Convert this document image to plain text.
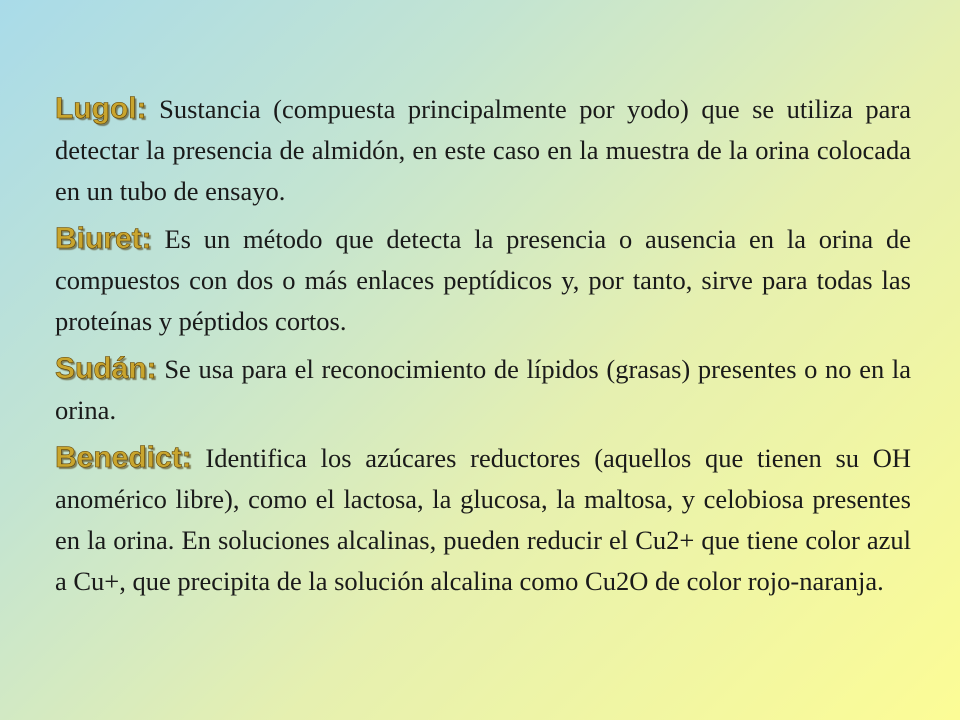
Lugol: Sustancia (compuesta principalmente por yodo) que se utiliza para detectar la presencia de almidón, en este caso en la muestra de la orina colocada en un tubo de ensayo.

Biuret: Es un método que detecta la presencia o ausencia en la orina de compuestos con dos o más enlaces peptídicos y, por tanto, sirve para todas las proteínas y péptidos cortos.

Sudán: Se usa para el reconocimiento de lípidos (grasas) presentes o no en la orina.

Benedict: Identifica los azúcares reductores (aquellos que tienen su OH anomérico libre), como el lactosa, la glucosa, la maltosa, y celobiosa presentes en la orina. En soluciones alcalinas, pueden reducir el Cu2+ que tiene color azul a Cu+, que precipita de la solución alcalina como Cu2O de color rojo-naranja.
